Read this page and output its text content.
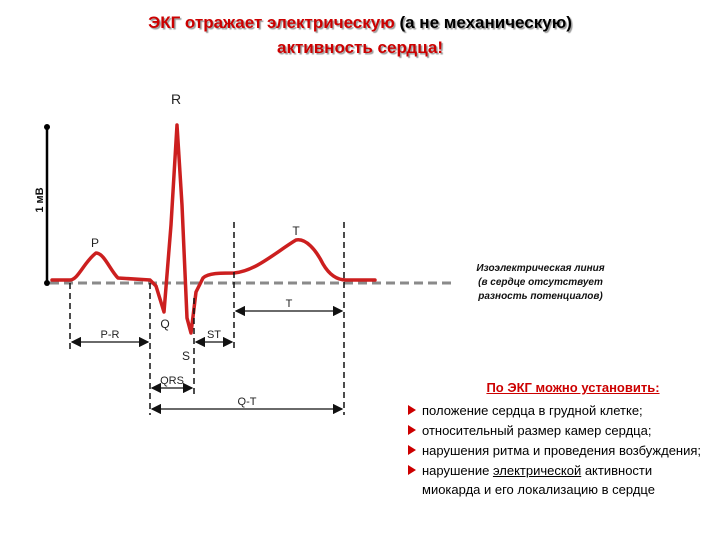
ЭКГ отражает электрическую (а не механическую)
активность сердца!
R
P
T
Q
S
P-R	ST
T
QRS
Q-T
1 мВ
Изоэлектрическая линия
(в сердце отсутствует
разность потенциалов)
По ЭКГ можно установить:
положение сердца в грудной клетке;
относительный размер камер сердца;
нарушения ритма и проведения возбуждения;
нарушение электрической активности миокарда и его локализацию в сердце
